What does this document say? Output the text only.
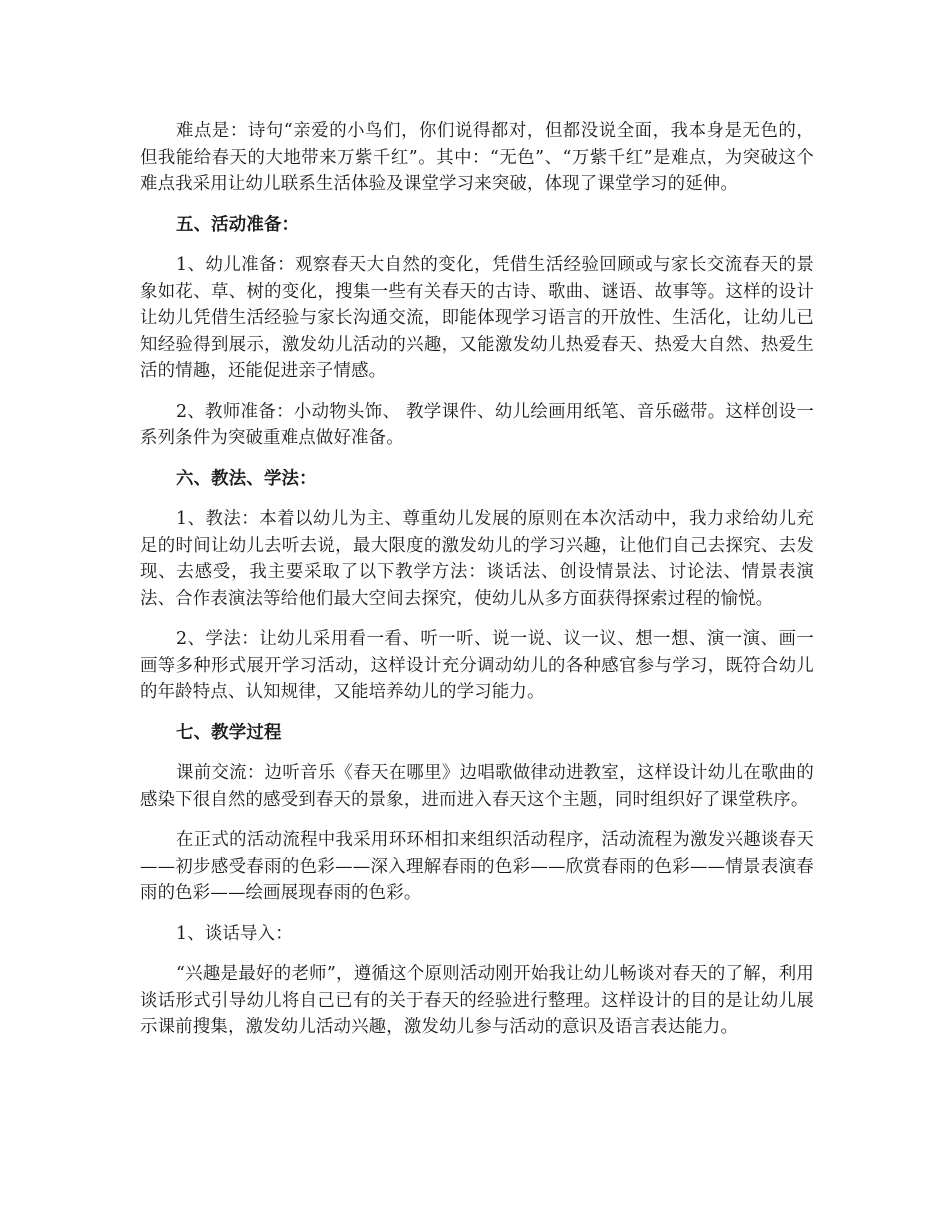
难点是：诗句“亲爱的小鸟们，你们说得都对，但都没说全面，我本身是无色的，但我能给春天的大地带来万紫千红”。其中：“无色”、“万紫千红”是难点，为突破这个难点我采用让幼儿联系生活体验及课堂学习来突破，体现了课堂学习的延伸。

五、活动准备：

1、幼儿准备：观察春天大自然的变化，凭借生活经验回顾或与家长交流春天的景象如花、草、树的变化，搜集一些有关春天的古诗、歌曲、谜语、故事等。这样的设计让幼儿凭借生活经验与家长沟通交流，即能体现学习语言的开放性、生活化，让幼儿已知经验得到展示，激发幼儿活动的兴趣，又能激发幼儿热爱春天、热爱大自然、热爱生活的情趣，还能促进亲子情感。

2、教师准备：小动物头饰、 教学课件、幼儿绘画用纸笔、音乐磁带。这样创设一系列条件为突破重难点做好准备。

六、教法、学法：

1、教法：本着以幼儿为主、尊重幼儿发展的原则在本次活动中，我力求给幼儿充足的时间让幼儿去听去说，最大限度的激发幼儿的学习兴趣，让他们自己去探究、去发现、去感受，我主要采取了以下教学方法：谈话法、创设情景法、讨论法、情景表演法、合作表演法等给他们最大空间去探究，使幼儿从多方面获得探索过程的愉悦。

2、学法：让幼儿采用看一看、听一听、说一说、议一议、想一想、演一演、画一画等多种形式展开学习活动，这样设计充分调动幼儿的各种感官参与学习，既符合幼儿的年龄特点、认知规律，又能培养幼儿的学习能力。

七、教学过程

课前交流：边听音乐《春天在哪里》边唱歌做律动进教室，这样设计幼儿在歌曲的感染下很自然的感受到春天的景象，进而进入春天这个主题，同时组织好了课堂秩序。

在正式的活动流程中我采用环环相扣来组织活动程序，活动流程为激发兴趣谈春天——初步感受春雨的色彩——深入理解春雨的色彩——欣赏春雨的色彩——情景表演春雨的色彩——绘画展现春雨的色彩。

1、谈话导入：

“兴趣是最好的老师”，遵循这个原则活动刚开始我让幼儿畅谈对春天的了解，利用谈话形式引导幼儿将自己已有的关于春天的经验进行整理。这样设计的目的是让幼儿展示课前搜集，激发幼儿活动兴趣，激发幼儿参与活动的意识及语言表达能力。
